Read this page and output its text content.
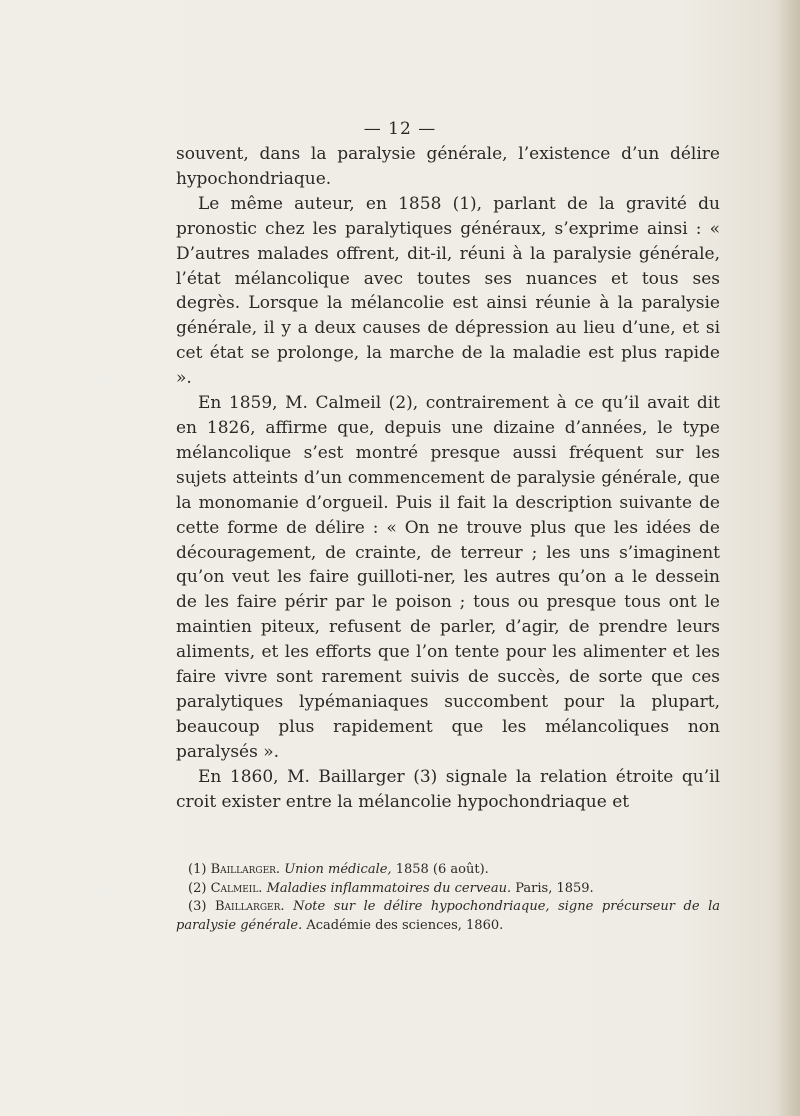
— 12 —

souvent, dans la paralysie générale, l’existence d’un délire hypochondriaque.

Le même auteur, en 1858 (1), parlant de la gravité du pronostic chez les paralytiques généraux, s’exprime ainsi : « D’autres malades offrent, dit-il, réuni à la paralysie générale, l’état mélancolique avec toutes ses nuances et tous ses degrès. Lorsque la mélancolie est ainsi réunie à la paralysie générale, il y a deux causes de dépression au lieu d’une, et si cet état se prolonge, la marche de la maladie est plus rapide ».

En 1859, M. Calmeil (2), contrairement à ce qu’il avait dit en 1826, affirme que, depuis une dizaine d’années, le type mélancolique s’est montré presque aussi fréquent sur les sujets atteints d’un commencement de paralysie générale, que la monomanie d’orgueil. Puis il fait la description suivante de cette forme de délire : « On ne trouve plus que les idées de découragement, de crainte, de terreur ; les uns s’imaginent qu’on veut les faire guilloti-ner, les autres qu’on a le dessein de les faire périr par le poison ; tous ou presque tous ont le maintien piteux, refusent de parler, d’agir, de prendre leurs aliments, et les efforts que l’on tente pour les alimenter et les faire vivre sont rarement suivis de succès, de sorte que ces paralytiques lypémaniaques succombent pour la plupart, beaucoup plus rapidement que les mélancoliques non paralysés ».

En 1860, M. Baillarger (3) signale la relation étroite qu’il croit exister entre la mélancolie hypochondriaque et

(1) Baillarger. Union médicale, 1858 (6 août).

(2) Calmeil. Maladies inflammatoires du cerveau. Paris, 1859.

(3) Baillarger. Note sur le délire hypochondriaque, signe précurseur de la paralysie générale. Académie des sciences, 1860.
